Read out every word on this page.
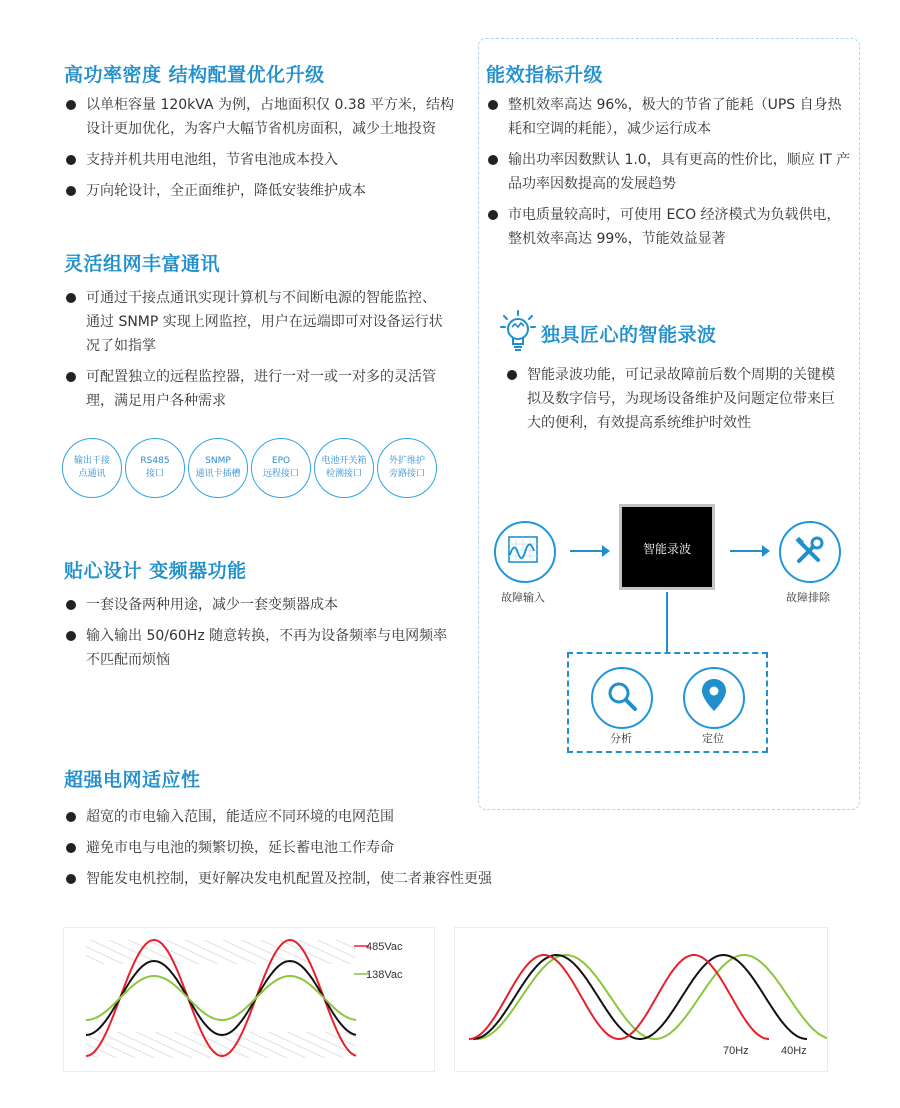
高功率密度 结构配置优化升级
以单柜容量 120kVA 为例，占地面积仅 0.38 平方米，结构设计更加优化，为客户大幅节省机房面积，减少土地投资
支持并机共用电池组，节省电池成本投入
万向轮设计，全正面维护，降低安装维护成本
灵活组网丰富通讯
可通过干接点通讯实现计算机与不间断电源的智能监控、通过 SNMP 实现上网监控，用户在远端即可对设备运行状况了如指掌
可配置独立的远程监控器，进行一对一或一对多的灵活管理，满足用户各种需求
输出干接
点通讯
RS485
接口
SNMP
通讯卡插槽
EPO
远程接口
电池开关箱
检测接口
外扩维护
旁路接口
贴心设计 变频器功能
一套设备两种用途，减少一套变频器成本
输入输出 50/60Hz 随意转换，不再为设备频率与电网频率不匹配而烦恼
超强电网适应性
超宽的市电输入范围，能适应不同环境的电网范围
避免市电与电池的频繁切换，延长蓄电池工作寿命
智能发电机控制，更好解决发电机配置及控制，使二者兼容性更强
能效指标升级
整机效率高达 96%，极大的节省了能耗（UPS 自身热耗和空调的耗能），减少运行成本
输出功率因数默认 1.0，具有更高的性价比，顺应 IT 产品功率因数提高的发展趋势
市电质量较高时，可使用 ECO 经济模式为负载供电，整机效率高达 99%，节能效益显著
独具匠心的智能录波
智能录波功能，可记录故障前后数个周期的关键模拟及数字信号，为现场设备维护及问题定位带来巨大的便利，有效提高系统维护时效性
故障输入
智能录波
故障排除
分析	定位
485Vac
138Vac
70Hz	40Hz
